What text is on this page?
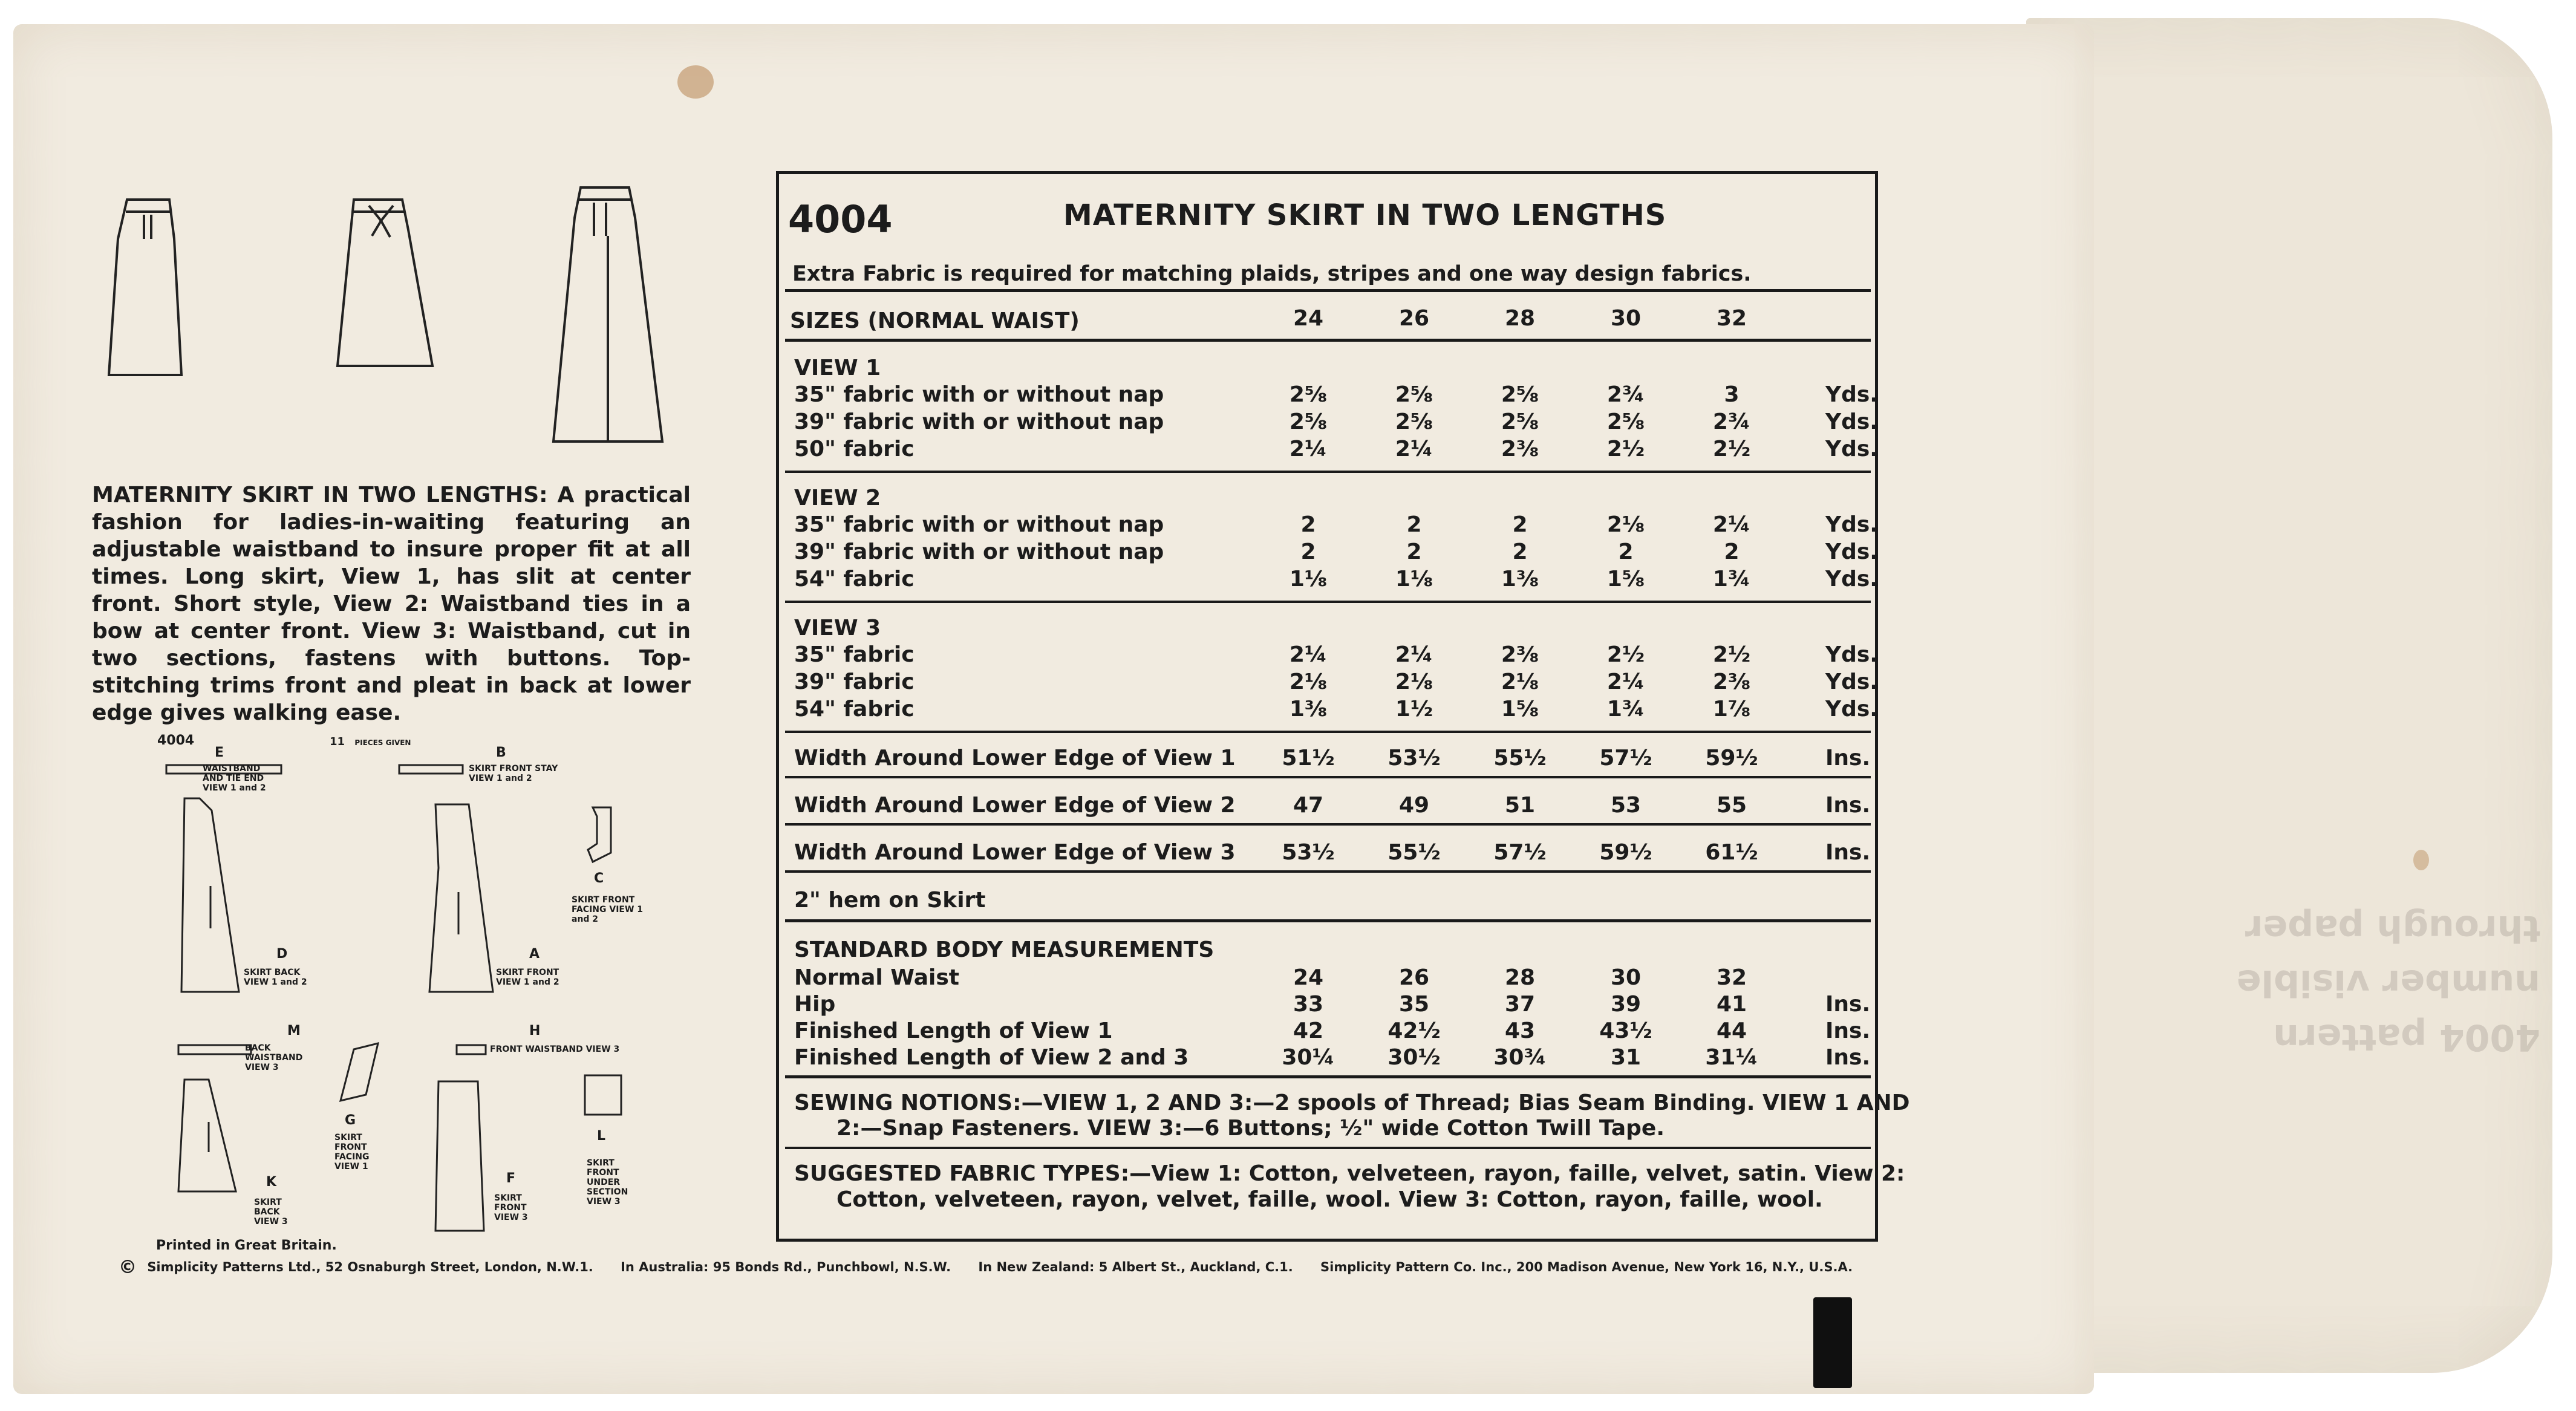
MATERNITY SKIRT IN TWO LENGTHS: A practical fashion for ladies-in-waiting featuring an adjustable waistband to insure proper fit at all times. Long skirt, View 1, has slit at center front. Short style, View 2: Waistband ties in a bow at center front. View 3: Waistband, cut in two sections, fastens with buttons. Top-stitching trims front and pleat in back at lower edge gives walking ease.
4004	11 PIECES GIVEN
E
WAISTBAND AND TIE END VIEW 1 and 2
B
SKIRT FRONT STAY VIEW 1 and 2
C
SKIRT FRONT FACING VIEW 1 and 2
D
SKIRT BACK VIEW 1 and 2
A
SKIRT FRONT VIEW 1 and 2
M
BACK WAISTBAND VIEW 3
H
FRONT WAISTBAND VIEW 3
G
SKIRT FRONT FACING VIEW 1
L
SKIRT FRONT UNDER SECTION VIEW 3
K
SKIRT BACK VIEW 3
F
SKIRT FRONT VIEW 3
Printed in Great Britain.
© Simplicity Patterns Ltd., 52 Osnaburgh Street, London, N.W.1. In Australia: 95 Bonds Rd., Punchbowl, N.S.W. In New Zealand: 5 Albert St., Auckland, C.1. Simplicity Pattern Co. Inc., 200 Madison Avenue, New York 16, N.Y., U.S.A.
4004	MATERNITY SKIRT IN TWO LENGTHS
Extra Fabric is required for matching plaids, stripes and one way design fabrics.
SIZES (NORMAL WAIST)	24	26	28	30	32
VIEW 1
35" fabric with or without nap	2⅝	2⅝	2⅝	2¾	3	Yds.
39" fabric with or without nap	2⅝	2⅝	2⅝	2⅝	2¾	Yds.
50" fabric	2¼	2¼	2⅜	2½	2½	Yds.
VIEW 2
35" fabric with or without nap	2	2	2	2⅛	2¼	Yds.
39" fabric with or without nap	2	2	2	2	2	Yds.
54" fabric	1⅛	1⅛	1⅜	1⅝	1¾	Yds.
VIEW 3
35" fabric	2¼	2¼	2⅜	2½	2½	Yds.
39" fabric	2⅛	2⅛	2⅛	2¼	2⅜	Yds.
54" fabric	1⅜	1½	1⅝	1¾	1⅞	Yds.
Width Around Lower Edge of View 1	51½	53½	55½	57½	59½	Ins.
Width Around Lower Edge of View 2	47	49	51	53	55	Ins.
Width Around Lower Edge of View 3	53½	55½	57½	59½	61½	Ins.
Normal Waist	24	26	28	30	32
Hip	33	35	37	39	41	Ins.
Finished Length of View 1	42	42½	43	43½	44	Ins.
Finished Length of View 2 and 3	30¼	30½	30¾	31	31¼	Ins.
2" hem on Skirt
STANDARD BODY MEASUREMENTS
SEWING NOTIONS:—VIEW 1, 2 AND 3:—2 spools of Thread; Bias Seam Binding. VIEW 1 AND
2:—Snap Fasteners. VIEW 3:—6 Buttons; ½" wide Cotton Twill Tape.
SUGGESTED FABRIC TYPES:—View 1: Cotton, velveteen, rayon, faille, velvet, satin. View 2:
Cotton, velveteen, rayon, velvet, faille, wool. View 3: Cotton, rayon, faille, wool.
4004 pattern number visible through paper
